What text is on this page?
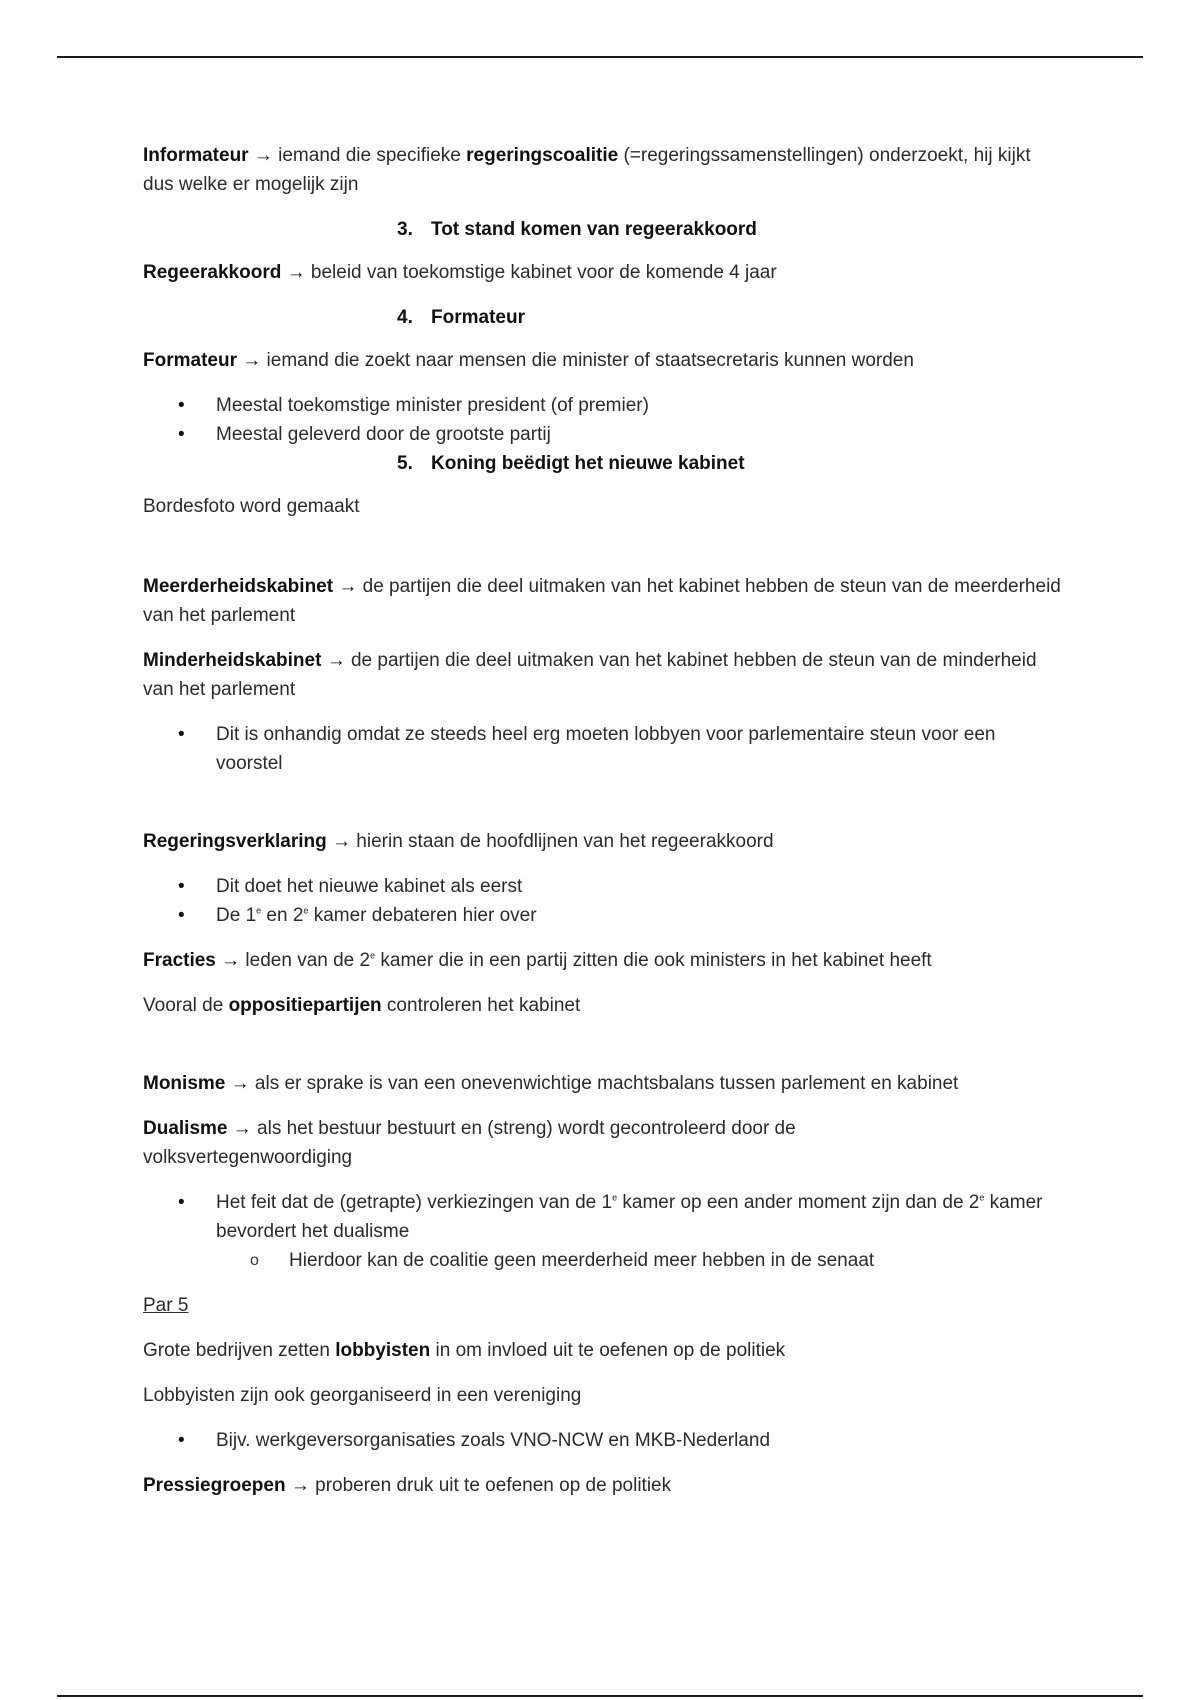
Informateur → iemand die specifieke regeringscoalitie (=regeringssamenstellingen) onderzoekt, hij kijkt dus welke er mogelijk zijn

3. Tot stand komen van regeerakkoord

Regeerakkoord → beleid van toekomstige kabinet voor de komende 4 jaar

4. Formateur

Formateur → iemand die zoekt naar mensen die minister of staatsecretaris kunnen worden

• Meestal toekomstige minister president (of premier)
• Meestal geleverd door de grootste partij

5. Koning beëdigt het nieuwe kabinet

Bordesfoto word gemaakt

Meerderheidskabinet → de partijen die deel uitmaken van het kabinet hebben de steun van de meerderheid van het parlement

Minderheidskabinet → de partijen die deel uitmaken van het kabinet hebben de steun van de minderheid van het parlement

• Dit is onhandig omdat ze steeds heel erg moeten lobbyen voor parlementaire steun voor een voorstel

Regeringsverklaring → hierin staan de hoofdlijnen van het regeerakkoord

• Dit doet het nieuwe kabinet als eerst
• De 1e en 2e kamer debateren hier over

Fracties → leden van de 2e kamer die in een partij zitten die ook ministers in het kabinet heeft

Vooral de oppositiepartijen controleren het kabinet

Monisme → als er sprake is van een onevenwichtige machtsbalans tussen parlement en kabinet

Dualisme → als het bestuur bestuurt en (streng) wordt gecontroleerd door de volksvertegenwoordiging

• Het feit dat de (getrapte) verkiezingen van de 1e kamer op een ander moment zijn dan de 2e kamer bevordert het dualisme
o Hierdoor kan de coalitie geen meerderheid meer hebben in de senaat

Par 5

Grote bedrijven zetten lobbyisten in om invloed uit te oefenen op de politiek

Lobbyisten zijn ook georganiseerd in een vereniging

• Bijv. werkgeversorganisaties zoals VNO-NCW en MKB-Nederland

Pressiegroepen → proberen druk uit te oefenen op de politiek
